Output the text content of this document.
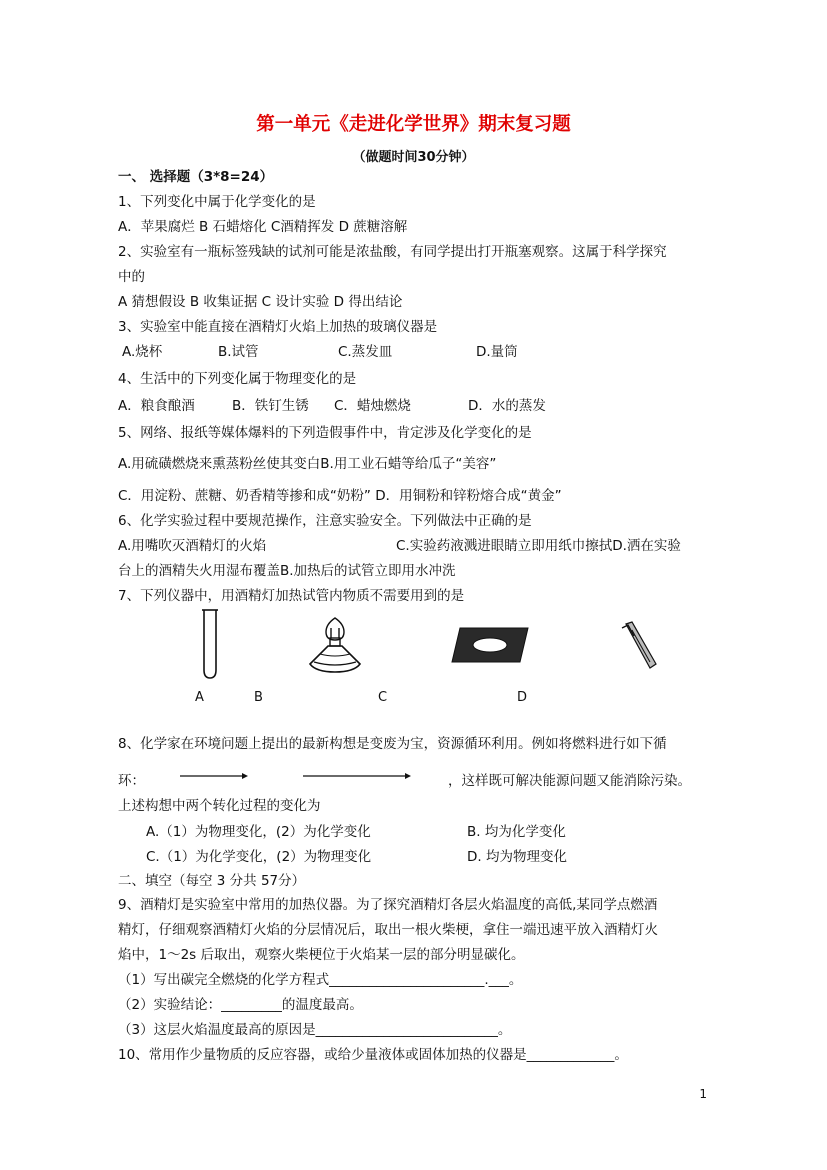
第一单元《走进化学世界》期末复习题
（做题时间30分钟）
一、 选择题（3*8=24）
1、下列变化中属于化学变化的是
A．苹果腐烂 B 石蜡熔化 C酒精挥发 D 蔗糖溶解
2、实验室有一瓶标签残缺的试剂可能是浓盐酸，有同学提出打开瓶塞观察。这属于科学探究
中的
A 猜想假设 B 收集证据 C 设计实验 D 得出结论
3、实验室中能直接在酒精灯火焰上加热的玻璃仪器是
A.烧杯	B.试管	C.蒸发皿	D.量筒
4、生活中的下列变化属于物理变化的是
A．粮食酿酒	B．铁钉生锈 C．蜡烛燃烧	D．水的蒸发
5、网络、报纸等媒体爆料的下列造假事件中，肯定涉及化学变化的是
A.用硫磺燃烧来熏蒸粉丝使其变白B.用工业石蜡等给瓜子“美容”
C．用淀粉、蔗糖、奶香精等掺和成“奶粉” D．用铜粉和锌粉熔合成“黄金”
6、化学实验过程中要规范操作，注意实验安全。下列做法中正确的是
A.用嘴吹灭酒精灯的火焰	C.实验药液溅进眼睛立即用纸巾擦拭D.洒在实验
台上的酒精失火用湿布覆盖B.加热后的试管立即用水冲洗
7、下列仪器中，用酒精灯加热试管内物质不需要用到的是
A	B	C	D
8、化学家在环境问题上提出的最新构想是变废为宝，资源循环利用。例如将燃料进行如下循
环：	，这样既可解决能源问题又能消除污染。
上述构想中两个转化过程的变化为
A.（1）为物理变化，(2）为化学变化	B. 均为化学变化
C.（1）为化学变化，(2）为物理变化	D. 均为物理变化
二、填空（每空 3 分共 57分）
9、酒精灯是实验室中常用的加热仪器。为了探究酒精灯各层火焰温度的高低,某同学点燃酒
精灯，仔细观察酒精灯火焰的分层情况后，取出一根火柴梗，拿住一端迅速平放入酒精灯火
焰中，1～2s 后取出，观察火柴梗位于火焰某一层的部分明显碳化。
（1）写出碳完全燃烧的化学方程式_______________________.___。
（2）实验结论：_________的温度最高。
（3）这层火焰温度最高的原因是___________________________。
10、常用作少量物质的反应容器，或给少量液体或固体加热的仪器是_____________。
1
